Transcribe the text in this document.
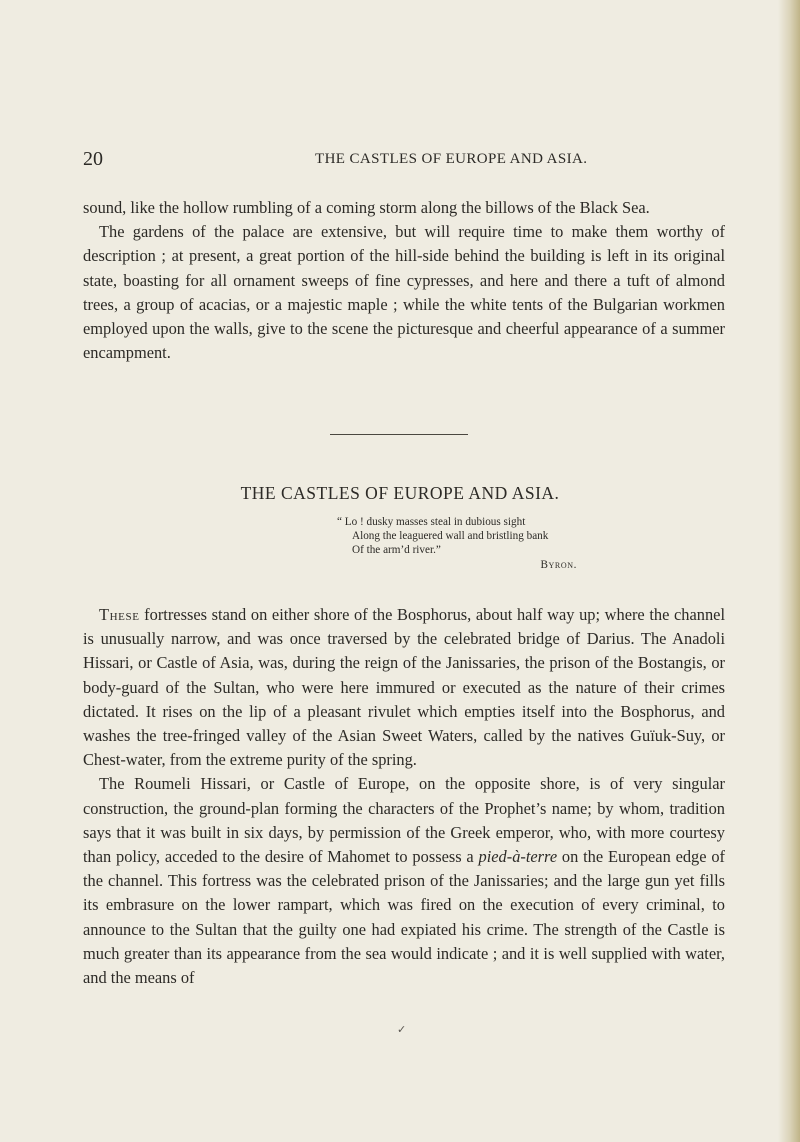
20	THE CASTLES OF EUROPE AND ASIA.

sound, like the hollow rumbling of a coming storm along the billows of the Black Sea.

The gardens of the palace are extensive, but will require time to make them worthy of description ; at present, a great portion of the hill-side behind the building is left in its original state, boasting for all ornament sweeps of fine cypresses, and here and there a tuft of almond trees, a group of acacias, or a majestic maple ; while the white tents of the Bulgarian workmen employed upon the walls, give to the scene the picturesque and cheerful appearance of a summer encampment.

THE CASTLES OF EUROPE AND ASIA.
“ Lo ! dusky masses steal in dubious sight
Along the leaguered wall and bristling bank
Of the arm’d river.”
Byron.

These fortresses stand on either shore of the Bosphorus, about half way up; where the channel is unusually narrow, and was once traversed by the celebrated bridge of Darius. The Anadoli Hissari, or Castle of Asia, was, during the reign of the Janissaries, the prison of the Bostangis, or body-guard of the Sultan, who were here immured or executed as the nature of their crimes dictated. It rises on the lip of a pleasant rivulet which empties itself into the Bosphorus, and washes the tree-fringed valley of the Asian Sweet Waters, called by the natives Guïuk-Suy, or Chest-water, from the extreme purity of the spring.

The Roumeli Hissari, or Castle of Europe, on the opposite shore, is of very singular construction, the ground-plan forming the characters of the Prophet’s name; by whom, tradition says that it was built in six days, by permission of the Greek emperor, who, with more courtesy than policy, acceded to the desire of Mahomet to possess a pied-à-terre on the European edge of the channel. This fortress was the celebrated prison of the Janissaries; and the large gun yet fills its embrasure on the lower rampart, which was fired on the execution of every criminal, to announce to the Sultan that the guilty one had expiated his crime. The strength of the Castle is much greater than its appearance from the sea would indicate ; and it is well supplied with water, and the means of

✓
